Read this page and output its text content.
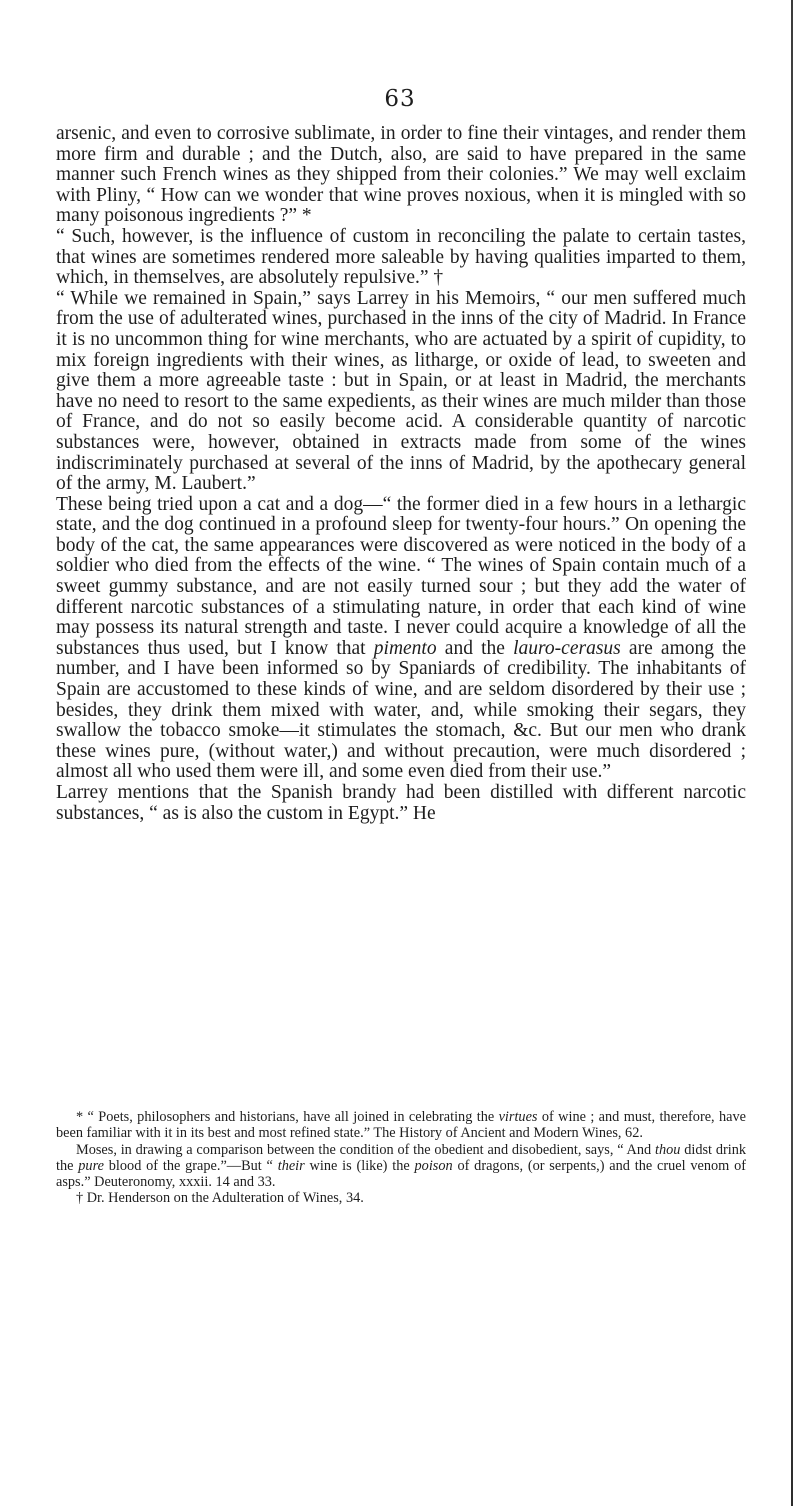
63

arsenic, and even to corrosive sublimate, in order to fine their vintages, and render them more firm and durable ; and the Dutch, also, are said to have prepared in the same manner such French wines as they shipped from their colonies.” We may well exclaim with Pliny, “ How can we wonder that wine proves noxious, when it is mingled with so many poisonous ingredients ?” *

“ Such, however, is the influence of custom in reconciling the palate to certain tastes, that wines are sometimes rendered more saleable by having qualities imparted to them, which, in themselves, are absolutely repulsive.” †

“ While we remained in Spain,” says Larrey in his Memoirs, “ our men suffered much from the use of adulterated wines, purchased in the inns of the city of Madrid. In France it is no uncommon thing for wine merchants, who are actuated by a spirit of cupidity, to mix foreign ingredients with their wines, as litharge, or oxide of lead, to sweeten and give them a more agreeable taste : but in Spain, or at least in Madrid, the merchants have no need to resort to the same expedients, as their wines are much milder than those of France, and do not so easily become acid. A considerable quantity of narcotic substances were, however, obtained in extracts made from some of the wines indiscriminately purchased at several of the inns of Madrid, by the apothecary general of the army, M. Laubert.”

These being tried upon a cat and a dog—“ the former died in a few hours in a lethargic state, and the dog continued in a profound sleep for twenty-four hours.” On opening the body of the cat, the same appearances were discovered as were noticed in the body of a soldier who died from the effects of the wine. “ The wines of Spain contain much of a sweet gummy substance, and are not easily turned sour ; but they add the water of different narcotic substances of a stimulating nature, in order that each kind of wine may possess its natural strength and taste. I never could acquire a knowledge of all the substances thus used, but I know that pimento and the lauro-cerasus are among the number, and I have been informed so by Spaniards of credibility. The inhabitants of Spain are accustomed to these kinds of wine, and are seldom disordered by their use ; besides, they drink them mixed with water, and, while smoking their segars, they swallow the tobacco smoke—it stimulates the stomach, &c. But our men who drank these wines pure, (without water,) and without precaution, were much disordered ; almost all who used them were ill, and some even died from their use.”

Larrey mentions that the Spanish brandy had been distilled with different narcotic substances, “ as is also the custom in Egypt.” He

* “ Poets, philosophers and historians, have all joined in celebrating the virtues of wine ; and must, therefore, have been familiar with it in its best and most refined state.” The History of Ancient and Modern Wines, 62.

Moses, in drawing a comparison between the condition of the obedient and disobedient, says, “ And thou didst drink the pure blood of the grape.”—But “ their wine is (like) the poison of dragons, (or serpents,) and the cruel venom of asps.” Deuteronomy, xxxii. 14 and 33.

† Dr. Henderson on the Adulteration of Wines, 34.
